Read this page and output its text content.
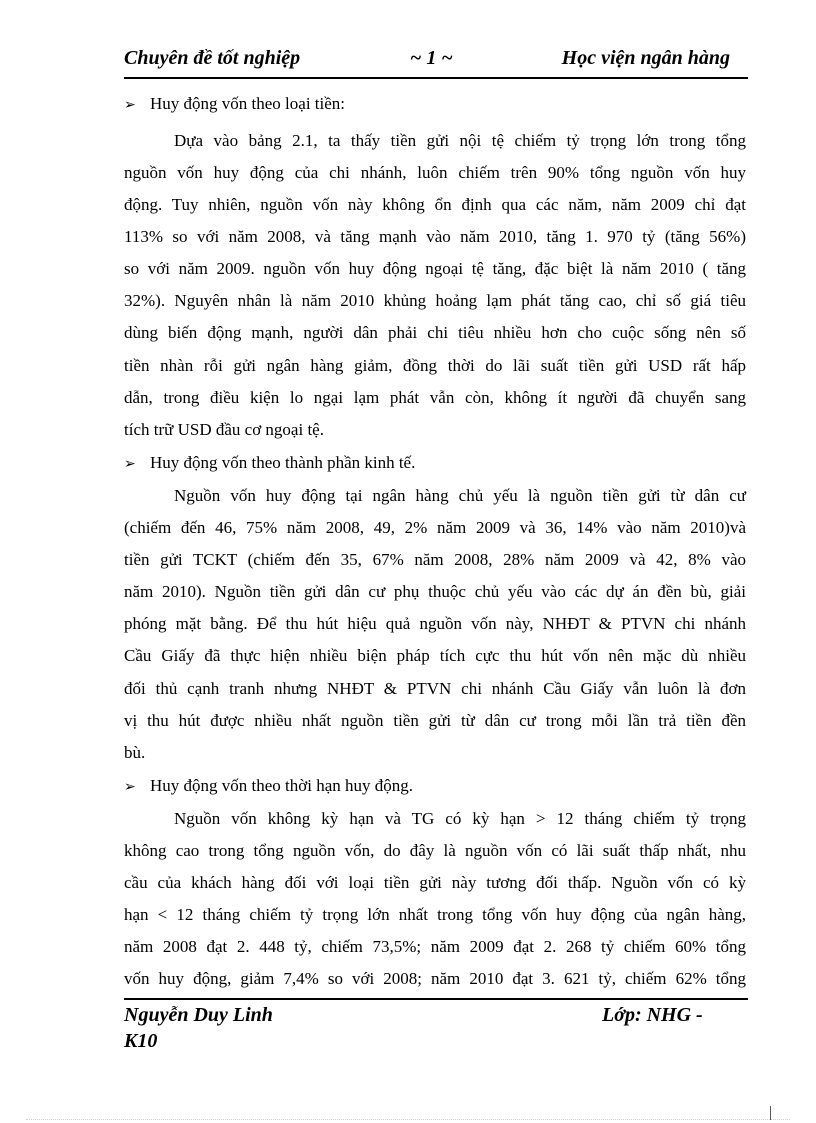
Chuyên đề tốt nghiệp	~ 1 ~	Học viện ngân hàng
➢ Huy động vốn theo loại tiền:
Dựa vào bảng 2.1, ta thấy tiền gửi nội tệ chiếm tỷ trọng lớn trong tổng
nguồn vốn huy động của chi nhánh, luôn chiếm trên 90% tổng nguồn vốn huy
động. Tuy nhiên, nguồn vốn này không ổn định qua các năm, năm 2009 chỉ đạt
113% so với năm 2008, và tăng mạnh vào năm 2010, tăng 1. 970 tỷ (tăng 56%)
so với năm 2009. nguồn vốn huy động ngoại tệ tăng, đặc biệt là năm 2010 ( tăng
32%). Nguyên nhân là năm 2010 khủng hoảng lạm phát tăng cao, chỉ số giá tiêu
dùng biến động mạnh, người dân phải chi tiêu nhiều hơn cho cuộc sống nên số
tiền nhàn rỗi gửi ngân hàng giảm, đồng thời do lãi suất tiền gửi USD rất hấp
dẫn, trong điều kiện lo ngại lạm phát vẫn còn, không ít người đã chuyển sang
tích trữ USD đầu cơ ngoại tệ.
➢ Huy động vốn theo thành phần kinh tế.
Nguồn vốn huy động tại ngân hàng chủ yếu là nguồn tiền gửi từ dân cư
(chiếm đến 46, 75% năm 2008, 49, 2% năm 2009 và 36, 14% vào năm 2010)và
tiền gửi TCKT (chiếm đến 35, 67% năm 2008, 28% năm 2009 và 42, 8% vào
năm 2010). Nguồn tiền gửi dân cư phụ thuộc chủ yếu vào các dự án đền bù, giải
phóng mặt bằng. Để thu hút hiệu quả nguồn vốn này, NHĐT & PTVN chi nhánh
Cầu Giấy đã thực hiện nhiều biện pháp tích cực thu hút vốn nên mặc dù nhiều
đối thủ cạnh tranh nhưng NHĐT & PTVN chi nhánh Cầu Giấy vẫn luôn là đơn
vị thu hút được nhiều nhất nguồn tiền gửi từ dân cư trong mỗi lần trả tiền đền
bù.
➢ Huy động vốn theo thời hạn huy động.
Nguồn vốn không kỳ hạn và TG có kỳ hạn > 12 tháng chiếm tỷ trọng
không cao trong tổng nguồn vốn, do đây là nguồn vốn có lãi suất thấp nhất, nhu
cầu của khách hàng đối với loại tiền gửi này tương đối thấp. Nguồn vốn có kỳ
hạn < 12 tháng chiếm tỷ trọng lớn nhất trong tổng vốn huy động của ngân hàng,
năm 2008 đạt 2. 448 tỷ, chiếm 73,5%; năm 2009 đạt 2. 268 tỷ chiếm 60% tổng
vốn huy động, giảm 7,4% so với 2008; năm 2010 đạt 3. 621 tỷ, chiếm 62% tổng
Nguyễn Duy Linh	Lớp: NHG -
K10
